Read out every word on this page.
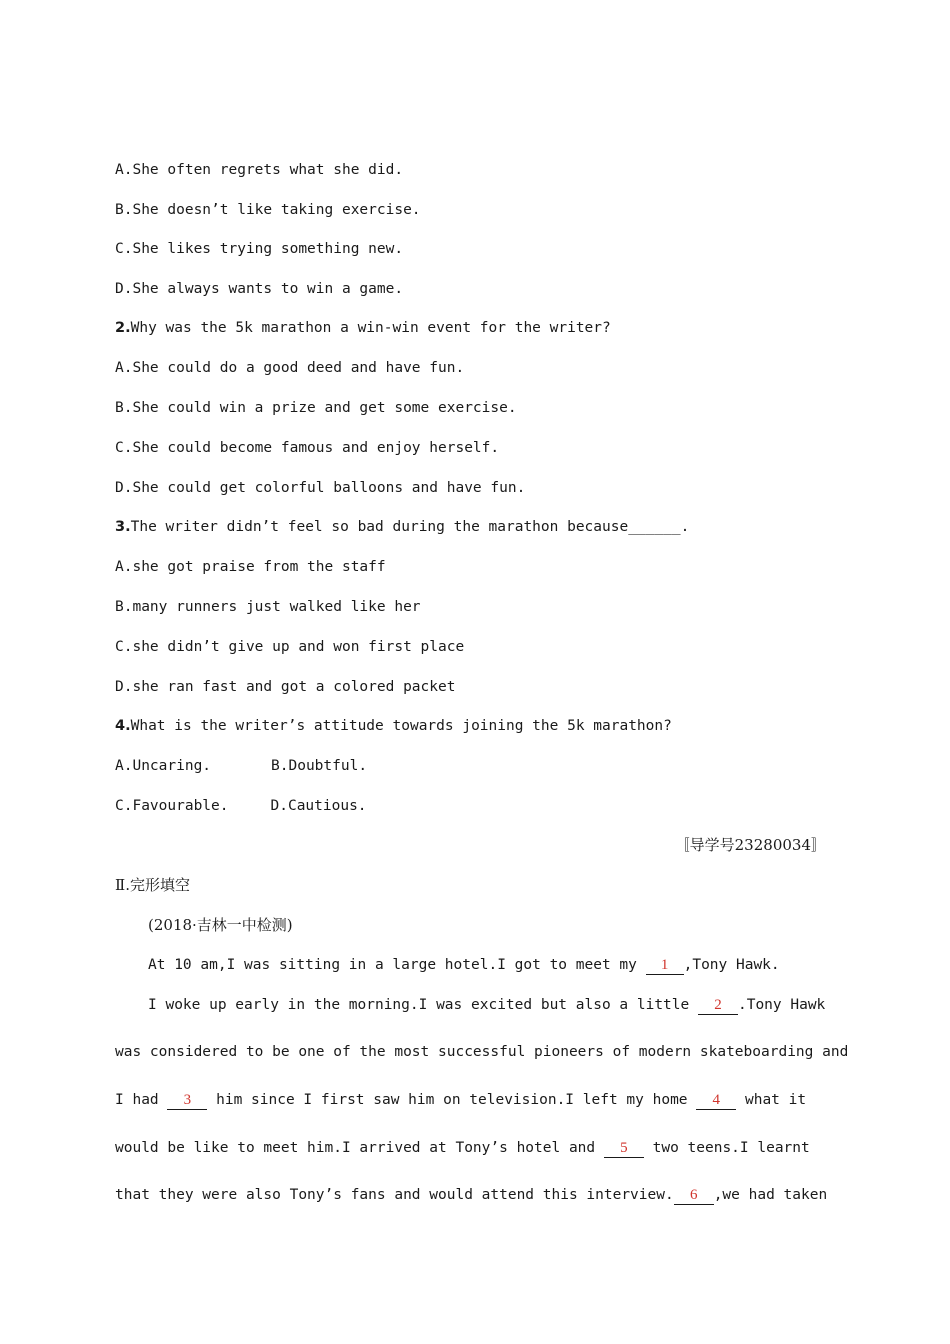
A.She often regrets what she did.
B.She doesn’t like taking exercise.
C.She likes trying something new.
D.She always wants to win a game.
2.Why was the 5k marathon a win-win event for the writer?
A.She could do a good deed and have fun.
B.She could win a prize and get some exercise.
C.She could become famous and enjoy herself.
D.She could get colorful balloons and have fun.
3.The writer didn’t feel so bad during the marathon because______.
A.she got praise from the staff
B.many runners just walked like her
C.she didn’t give up and won first place
D.she ran fast and got a colored packet
4.What is the writer’s attitude towards joining the 5k marathon?
A.Uncaring.	B.Doubtful.
C.Favourable.	D.Cautious.
〚导学号23280034〛
Ⅱ.完形填空
(2018·吉林一中检测)
At 10 am,I was sitting in a large hotel.I got to meet my 1 ,Tony Hawk.
I woke up early in the morning.I was excited but also a little 2 .Tony Hawk
was considered to be one of the most successful pioneers of modern skateboarding and
I had 3 him since I first saw him on television.I left my home 4 what it
would be like to meet him.I arrived at Tony’s hotel and 5 two teens.I learnt
that they were also Tony’s fans and would attend this interview. 6 ,we had taken
